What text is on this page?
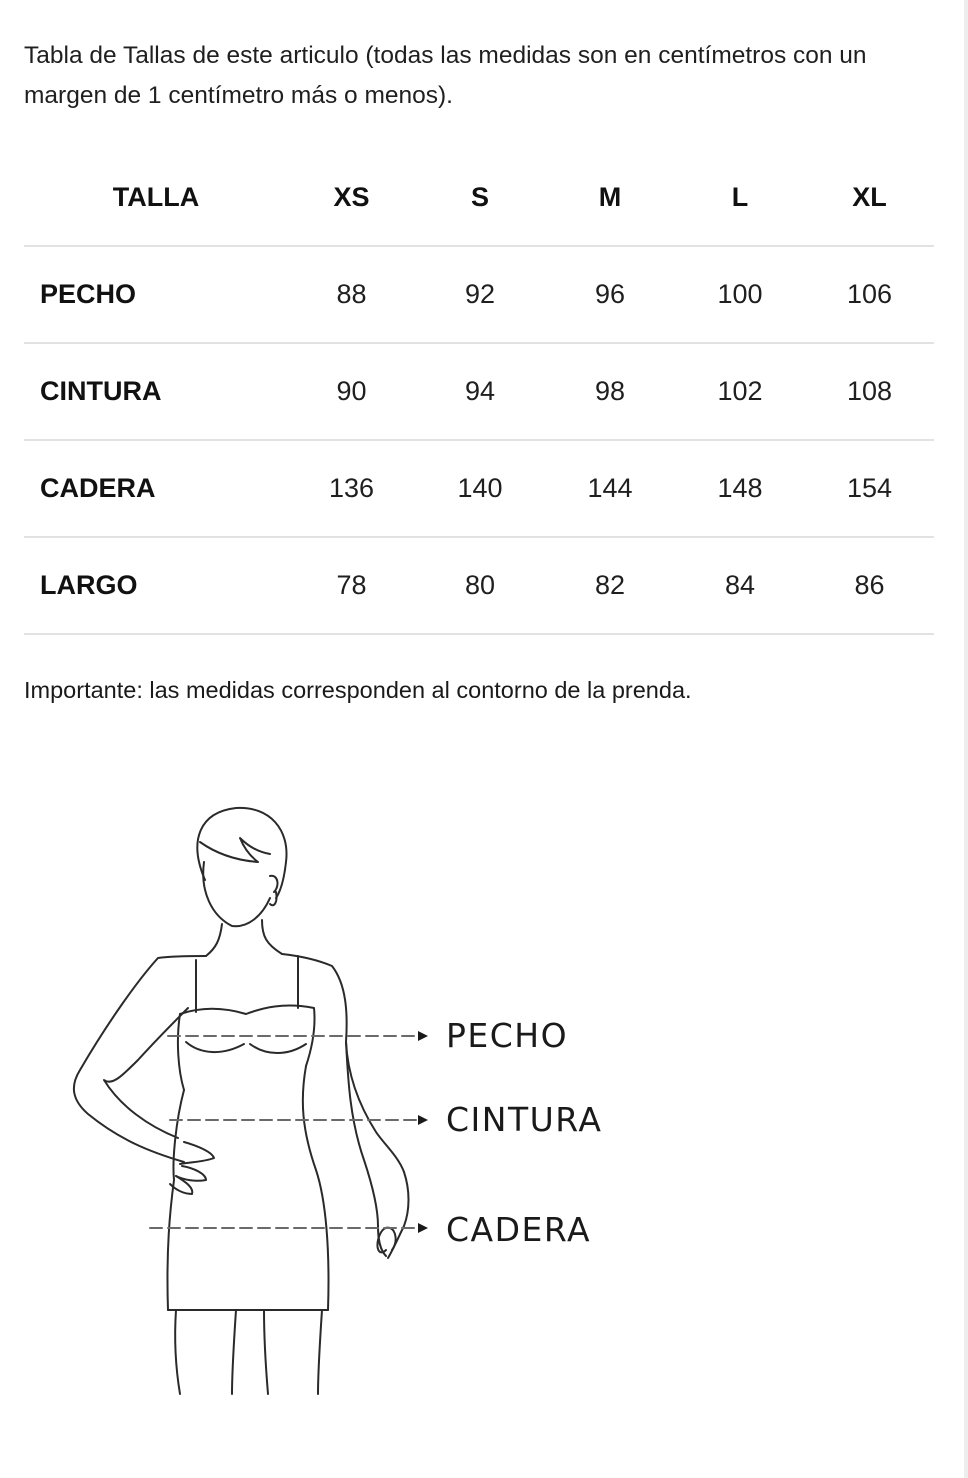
Tabla de Tallas de este articulo (todas las medidas son en centímetros con un margen de 1 centímetro más o menos).

TALLA	XS	S	M	L	XL
PECHO	88	92	96	100	106
CINTURA	90	94	98	102	108
CADERA	136	140	144	148	154
LARGO	78	80	82	84	86

Importante: las medidas corresponden al contorno de la prenda.

PECHO
CINTURA
CADERA
